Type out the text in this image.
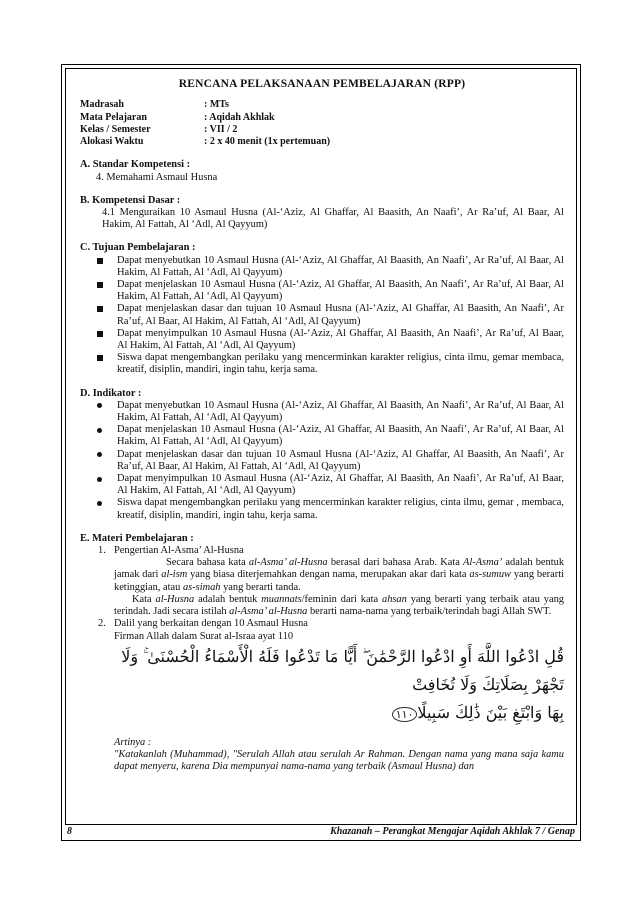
RENCANA PELAKSANAAN PEMBELAJARAN (RPP)
Madrasah	: MTs
Mata Pelajaran	: Aqidah Akhlak
Kelas / Semester	: VII / 2
Alokasi Waktu	: 2 x 40 menit (1x pertemuan)
A. Standar Kompetensi :
4. Memahami Asmaul Husna
B. Kompetensi Dasar :
4.1 Menguraikan 10 Asmaul Husna (Al-‘Aziz, Al Ghaffar, Al Baasith, An Naafi’, Ar Ra’uf, Al Baar, Al Hakim, Al Fattah, Al ‘Adl, Al Qayyum)
C. Tujuan Pembelajaran :
Dapat menyebutkan 10 Asmaul Husna (Al-‘Aziz, Al Ghaffar, Al Baasith, An Naafi’, Ar Ra’uf, Al Baar, Al Hakim, Al Fattah, Al ‘Adl, Al Qayyum)
Dapat menjelaskan 10 Asmaul Husna (Al-‘Aziz, Al Ghaffar, Al Baasith, An Naafi’, Ar Ra’uf, Al Baar, Al Hakim, Al Fattah, Al ‘Adl, Al Qayyum)
Dapat menjelaskan dasar dan tujuan 10 Asmaul Husna (Al-‘Aziz, Al Ghaffar, Al Baasith, An Naafi’, Ar Ra’uf, Al Baar, Al Hakim, Al Fattah, Al ‘Adl, Al Qayyum)
Dapat menyimpulkan 10 Asmaul Husna (Al-‘Aziz, Al Ghaffar, Al Baasith, An Naafi’, Ar Ra’uf, Al Baar, Al Hakim, Al Fattah, Al ‘Adl, Al Qayyum)
Siswa dapat mengembangkan perilaku yang mencerminkan karakter religius, cinta ilmu, gemar membaca, kreatif, disiplin, mandiri, ingin tahu, kerja sama.
D. Indikator :
Dapat menyebutkan 10 Asmaul Husna (Al-‘Aziz, Al Ghaffar, Al Baasith, An Naafi’, Ar Ra’uf, Al Baar, Al Hakim, Al Fattah, Al ‘Adl, Al Qayyum)
Dapat menjelaskan 10 Asmaul Husna (Al-‘Aziz, Al Ghaffar, Al Baasith, An Naafi’, Ar Ra’uf, Al Baar, Al Hakim, Al Fattah, Al ‘Adl, Al Qayyum)
Dapat menjelaskan dasar dan tujuan 10 Asmaul Husna (Al-‘Aziz, Al Ghaffar, Al Baasith, An Naafi’, Ar Ra’uf, Al Baar, Al Hakim, Al Fattah, Al ‘Adl, Al Qayyum)
Dapat menyimpulkan 10 Asmaul Husna (Al-‘Aziz, Al Ghaffar, Al Baasith, An Naafi’, Ar Ra’uf, Al Baar, Al Hakim, Al Fattah, Al ‘Adl, Al Qayyum)
Siswa dapat mengembangkan perilaku yang mencerminkan karakter religius, cinta ilmu, gemar , membaca, kreatif, disiplin, mandiri, ingin tahu, kerja sama.
E. Materi Pembelajaran :
1. Pengertian Al-Asma’ Al-Husna
Secara bahasa kata al-Asma’ al-Husna berasal dari bahasa Arab. Kata Al-Asma’ adalah bentuk jamak dari al-ism yang biasa diterjemahkan dengan nama, merupakan akar dari kata as-sumuw yang berarti ketinggian, atau as-simah yang berarti tanda.
Kata al-Husna adalah bentuk muannats/feminin dari kata ahsan yang berarti yang terbaik atau yang terindah. Jadi secara istilah al-Asma’ al-Husna berarti nama-nama yang terbaik/terindah bagi Allah SWT.
2. Dalil yang berkaitan dengan 10 Asmaul Husna
Firman Allah dalam Surat al-Israa ayat 110
قُلِ ادْعُوا اللَّهَ أَوِ ادْعُوا الرَّحْمَٰنَ ۖ أَيًّا مَا تَدْعُوا فَلَهُ الْأَسْمَاءُ الْحُسْنَىٰ ۚ وَلَا تَجْهَرْ بِصَلَاتِكَ وَلَا تُخَافِتْ
بِهَا وَابْتَغِ بَيْنَ ذَٰلِكَ سَبِيلًا١١٠
Artinya :
"Katakanlah (Muhammad), "Serulah Allah atau serulah Ar Rahman. Dengan nama yang mana saja kamu dapat menyeru, karena Dia mempunyai nama-nama yang terbaik (Asmaul Husna) dan
8	Khazanah – Perangkat Mengajar Aqidah Akhlak 7 / Genap
